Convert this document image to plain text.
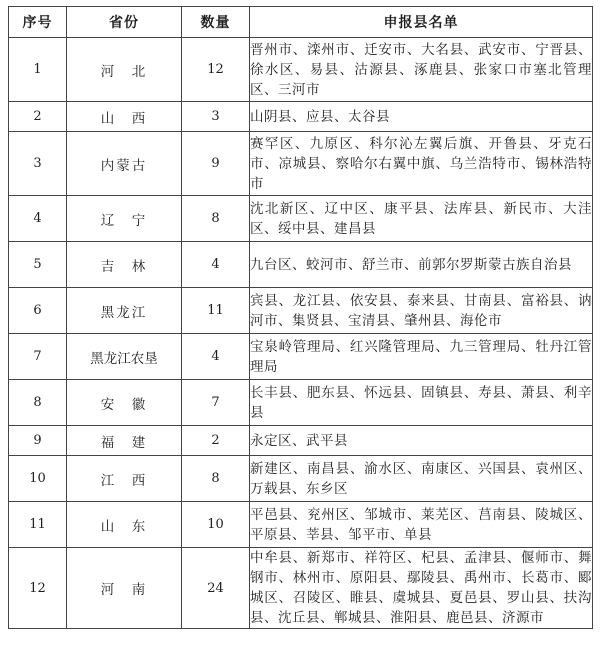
序号	省份	数量	申报县名单
1	河　北	12	晋州市、滦州市、迁安市、大名县、武安市、宁晋县、徐水区、易县、沽源县、涿鹿县、张家口市塞北管理区、三河市
2	山　西	3	山阴县、应县、太谷县
3	内蒙古	9	赛罕区、九原区、科尔沁左翼后旗、开鲁县、牙克石市、凉城县、察哈尔右翼中旗、乌兰浩特市、锡林浩特市
4	辽　宁	8	沈北新区、辽中区、康平县、法库县、新民市、大洼区、绥中县、建昌县
5	吉　林	4	九台区、蛟河市、舒兰市、前郭尔罗斯蒙古族自治县
6	黑龙江	11	宾县、龙江县、依安县、泰来县、甘南县、富裕县、讷河市、集贤县、宝清县、肇州县、海伦市
7	黑龙江农垦	4	宝泉岭管理局、红兴隆管理局、九三管理局、牡丹江管理局
8	安　徽	7	长丰县、肥东县、怀远县、固镇县、寿县、萧县、利辛县
9	福　建	2	永定区、武平县
10	江　西	8	新建区、南昌县、渝水区、南康区、兴国县、袁州区、万载县、东乡区
11	山　东	10	平邑县、兖州区、邹城市、莱芜区、莒南县、陵城区、平原县、莘县、邹平市、单县
12	河　南	24	中牟县、新郑市、祥符区、杞县、孟津县、偃师市、舞钢市、林州市、原阳县、鄢陵县、禹州市、长葛市、郾城区、召陵区、睢县、虞城县、夏邑县、罗山县、扶沟县、沈丘县、郸城县、淮阳县、鹿邑县、济源市
